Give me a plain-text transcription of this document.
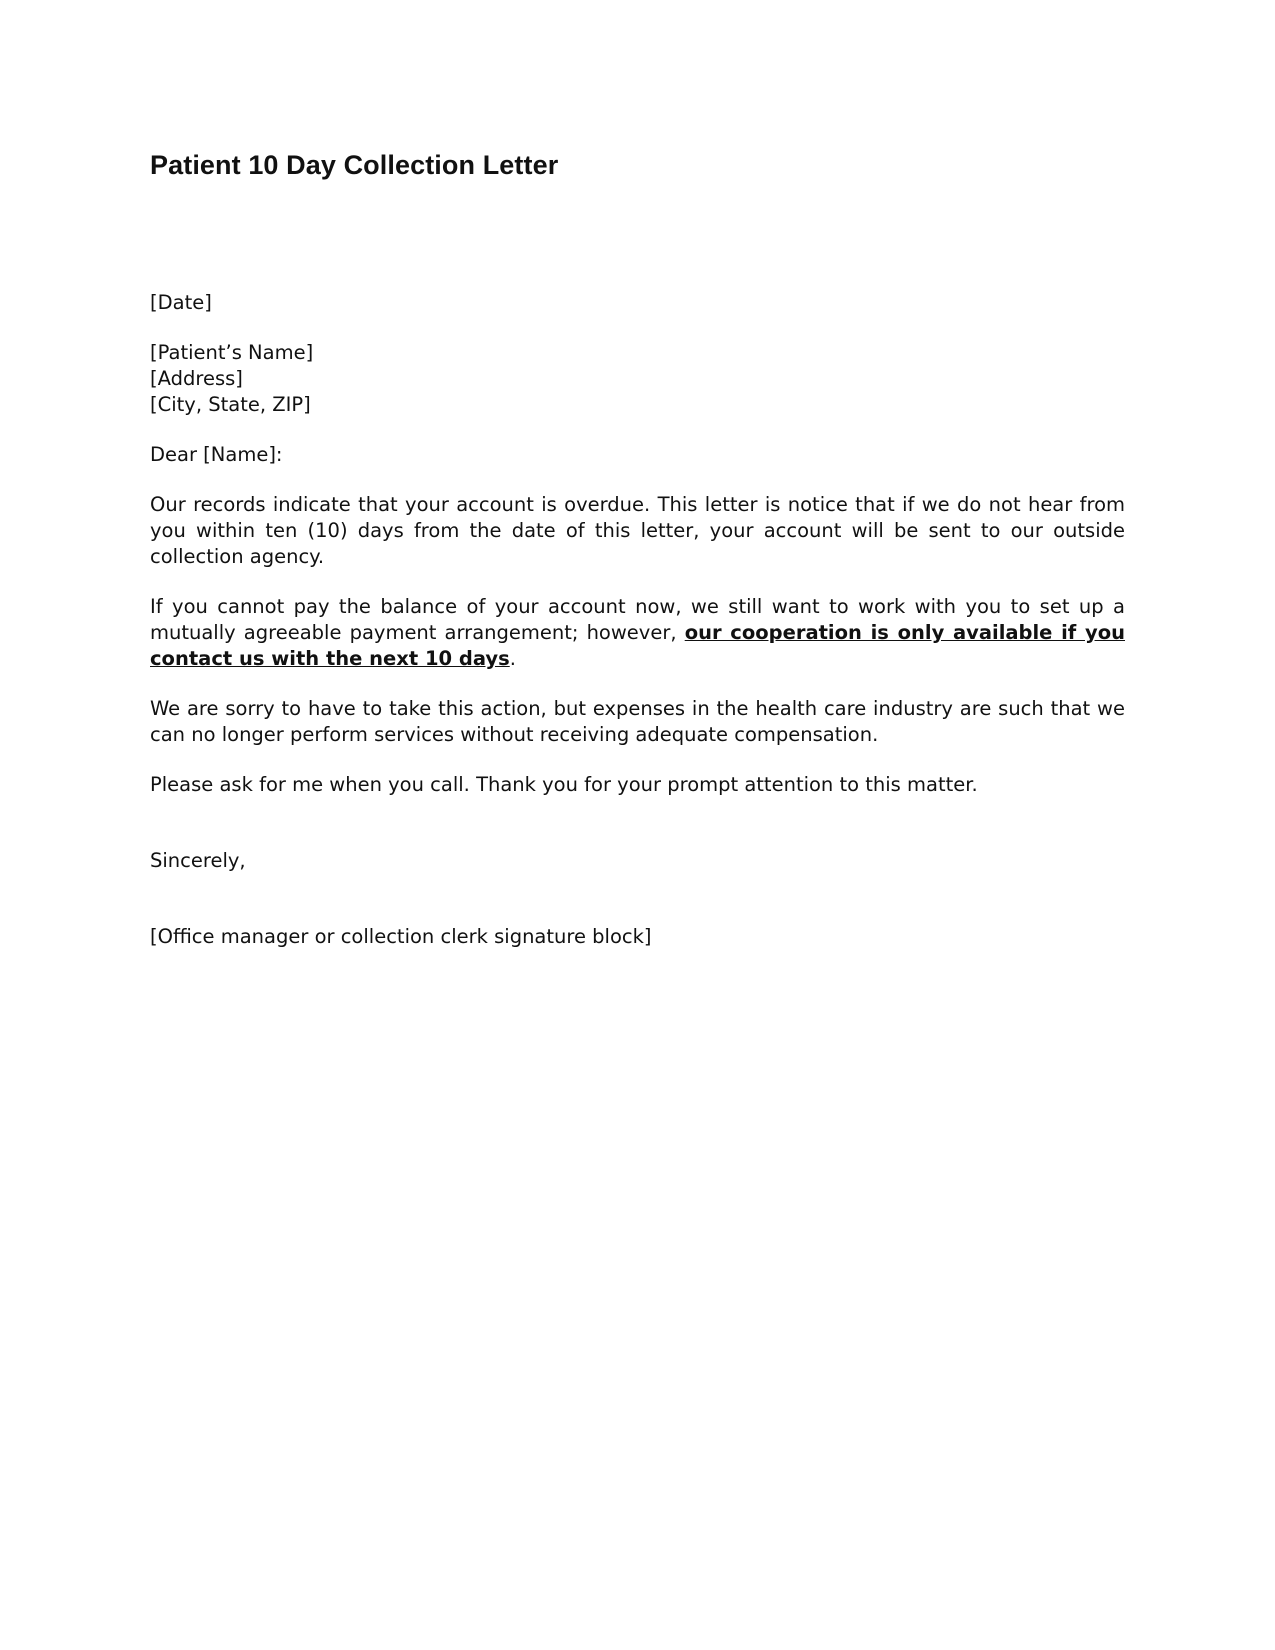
Patient 10 Day Collection Letter

[Date]

[Patient’s Name]

[Address]

[City, State, ZIP]

Dear [Name]:

Our records indicate that your account is overdue. This letter is notice that if we do not hear from you within ten (10) days from the date of this letter, your account will be sent to our outside collection agency.

If you cannot pay the balance of your account now, we still want to work with you to set up a mutually agreeable payment arrangement; however, our cooperation is only available if you contact us with the next 10 days.

We are sorry to have to take this action, but expenses in the health care industry are such that we can no longer perform services without receiving adequate compensation.

Please ask for me when you call. Thank you for your prompt attention to this matter.

Sincerely,

[Office manager or collection clerk signature block]
